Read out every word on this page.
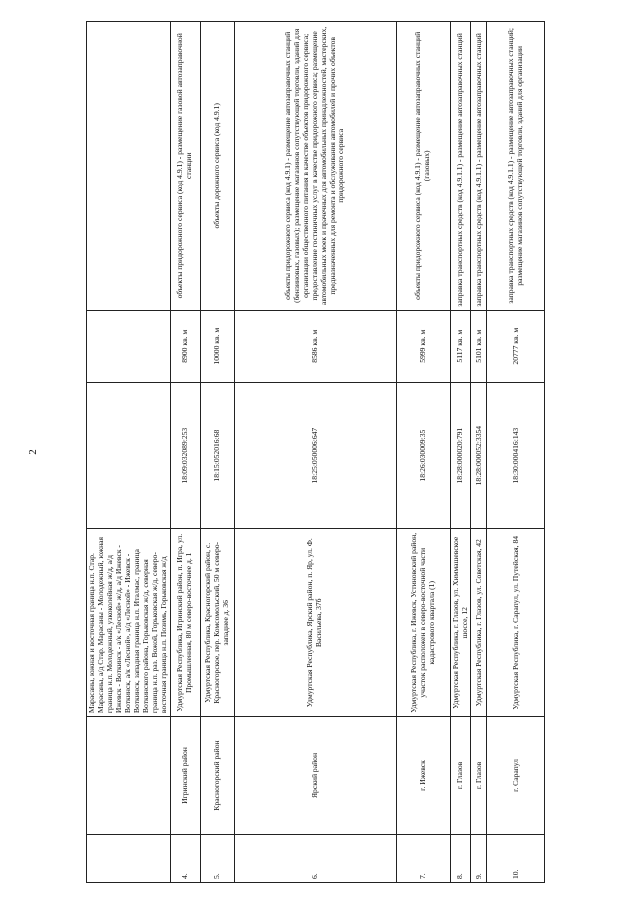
2
		Марасаны, южная и восточная граница н.п. Стар. Марасаны, а/д Стар. Марасаны - Молодежный, южная граница н.п. Молодежный, узкоколейная ж/д, а/д Ижевск - Воткинск - а/к «Лесной» ж/д, а/д Ижевск - Воткинск, а/к «Лесной», а/д «Лесной» - Ижевск - Воткинск, западная граница н.п. Италмас, граница Воткинского района, Горьковская ж/д, северная граница н.п. раз. Вожой, Горьковская ж/д, северо-восточная граница н.п. Позимь, Горьковская ж/д			
4.	Игринский район	Удмуртская Республика, Игринский район, п. Игра, ул. Промышленная, 80 м северо-восточнее д. 1	18:09:032089:253	8900 кв. м	объекты придорожного сервиса (код 4.9.1) - размещение газовой автозаправочной станции
5.	Красногорский район	Удмуртская Республика, Красногорский район, с. Красногорское, пер. Комсомольский, 50 м северо-западнее д. 36	18:15:052016:68	10000 кв. м	объекты дорожного сервиса (код 4.9.1)
6.	Ярский район	Удмуртская Республика, Ярский район, п. Яр, ул. Ф. Васильева, 37б	18:25:050006:647	8586 кв. м	объекты придорожного сервиса (код 4.9.1) - размещение автозаправочных станций (бензиновых, газовых); размещение магазинов сопутствующей торговли, зданий для организации общественного питания в качестве объектов придорожного сервиса; предоставление гостиничных услуг в качестве придорожного сервиса; размещение автомобильных моек и прачечных для автомобильных принадлежностей, мастерских, предназначенных для ремонта и обслуживания автомобилей и прочих объектов придорожного сервиса
7.	г. Ижевск	Удмуртская Республика, г. Ижевск, Устиновский район, участок расположен в северо-восточной части кадастрового квартала (1)	18:26:030009:35	5999 кв. м	объекты придорожного сервиса (код 4.9.1) - размещение автозаправочных станций (газовых)
8.	г. Глазов	Удмуртская Республика, г. Глазов, ул. Химмашевское шоссе, 12	18:28:000020:791	5117 кв. м	заправка транспортных средств (код 4.9.1.1) - размещение автозаправочных станций
9.	г. Глазов	Удмуртская Республика, г. Глазов, ул. Советская, 42	18:28:000052:3354	5101 кв. м	заправка транспортных средств (код 4.9.1.1) - размещение автозаправочных станций
10.	г. Сарапул	Удмуртская Республика, г. Сарапул, ул. Путейская, 84	18:30:000416:143	20777 кв. м	заправка транспортных средств (код 4.9.1.1) - размещение автозаправочных станций; размещение магазинов сопутствующей торговли, зданий для организации
